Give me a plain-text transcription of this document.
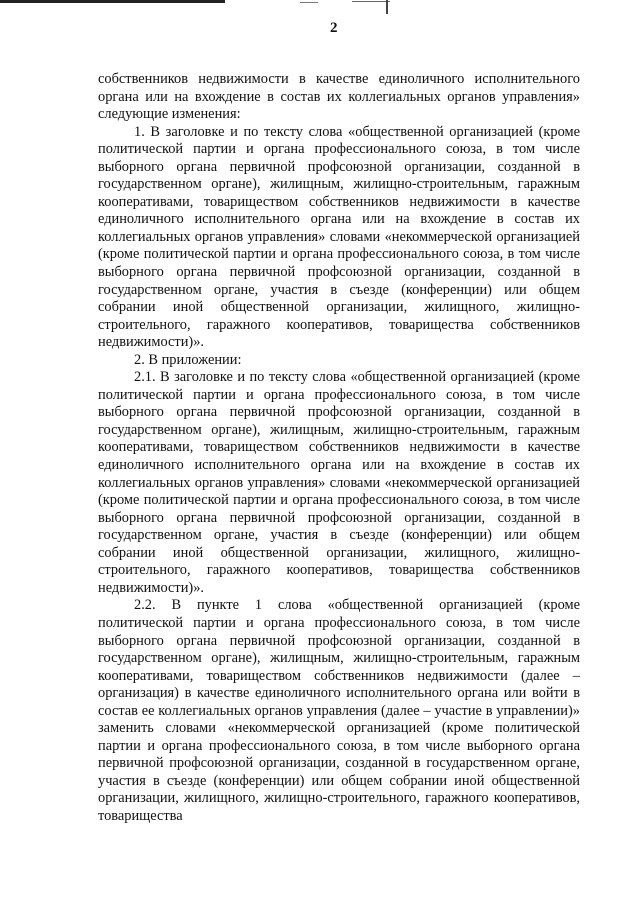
2

собственников недвижимости в качестве единоличного исполнительного органа или на вхождение в состав их коллегиальных органов управления» следующие изменения:

1. В заголовке и по тексту слова «общественной организацией (кроме политической партии и органа профессионального союза, в том числе выборного органа первичной профсоюзной организации, созданной в государственном органе), жилищным, жилищно-строительным, гаражным кооперативами, товариществом собственников недвижимости в качестве единоличного исполнительного органа или на вхождение в состав их коллегиальных органов управления» словами «некоммерческой организацией (кроме политической партии и органа профессионального союза, в том числе выборного органа первичной профсоюзной организации, созданной в государственном органе, участия в съезде (конференции) или общем собрании иной общественной организации, жилищного, жилищно-строительного, гаражного кооперативов, товарищества собственников недвижимости)».

2. В приложении:

2.1. В заголовке и по тексту слова «общественной организацией (кроме политической партии и органа профессионального союза, в том числе выборного органа первичной профсоюзной организации, созданной в государственном органе), жилищным, жилищно-строительным, гаражным кооперативами, товариществом собственников недвижимости в качестве единоличного исполнительного органа или на вхождение в состав их коллегиальных органов управления» словами «некоммерческой организацией (кроме политической партии и органа профессионального союза, в том числе выборного органа первичной профсоюзной организации, созданной в государственном органе, участия в съезде (конференции) или общем собрании иной общественной организации, жилищного, жилищно-строительного, гаражного кооперативов, товарищества собственников недвижимости)».

2.2. В пункте 1 слова «общественной организацией (кроме политической партии и органа профессионального союза, в том числе выборного органа первичной профсоюзной организации, созданной в государственном органе), жилищным, жилищно-строительным, гаражным кооперативами, товариществом собственников недвижимости (далее – организация) в качестве единоличного исполнительного органа или войти в состав ее коллегиальных органов управления (далее – участие в управлении)» заменить словами «некоммерческой организацией (кроме политической партии и органа профессионального союза, в том числе выборного органа первичной профсоюзной организации, созданной в государственном органе, участия в съезде (конференции) или общем собрании иной общественной организации, жилищного, жилищно-строительного, гаражного кооперативов, товарищества
